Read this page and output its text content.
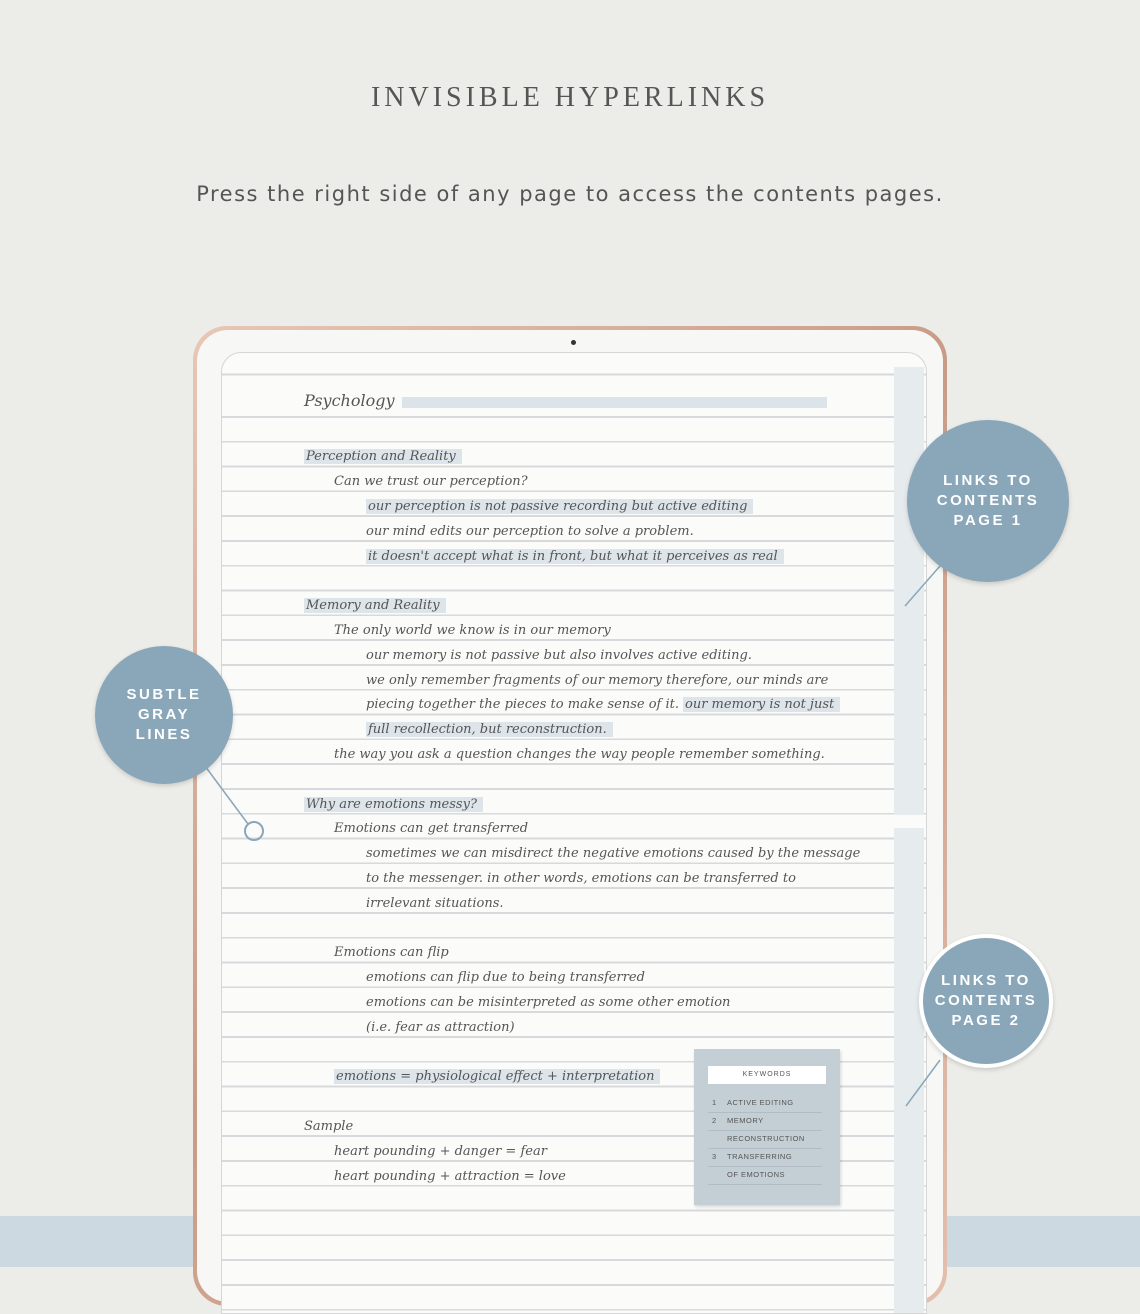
INVISIBLE HYPERLINKS
Press the right side of any page to access the contents pages.
Psychology
Perception and Reality
Can we trust our perception?
our perception is not passive recording but active editing
our mind edits our perception to solve a problem.
it doesn't accept what is in front, but what it perceives as real
Memory and Reality
The only world we know is in our memory
our memory is not passive but also involves active editing.
we only remember fragments of our memory therefore, our minds are
piecing together the pieces to make sense of it. our memory is not just
full recollection, but reconstruction.
the way you ask a question changes the way people remember something.
Why are emotions messy?
Emotions can get transferred
sometimes we can misdirect the negative emotions caused by the message
to the messenger. in other words, emotions can be transferred to
irrelevant situations.
Emotions can flip
emotions can flip due to being transferred
emotions can be misinterpreted as some other emotion
(i.e. fear as attraction)
emotions = physiological effect + interpretation
Sample
heart pounding + danger = fear
heart pounding + attraction = love
KEYWORDS
1	ACTIVE EDITING
2	MEMORY
RECONSTRUCTION
3	TRANSFERRING
OF EMOTIONS
LINKS TO
CONTENTS
PAGE 1
SUBTLE
GRAY
LINES
LINKS TO
CONTENTS
PAGE 2
